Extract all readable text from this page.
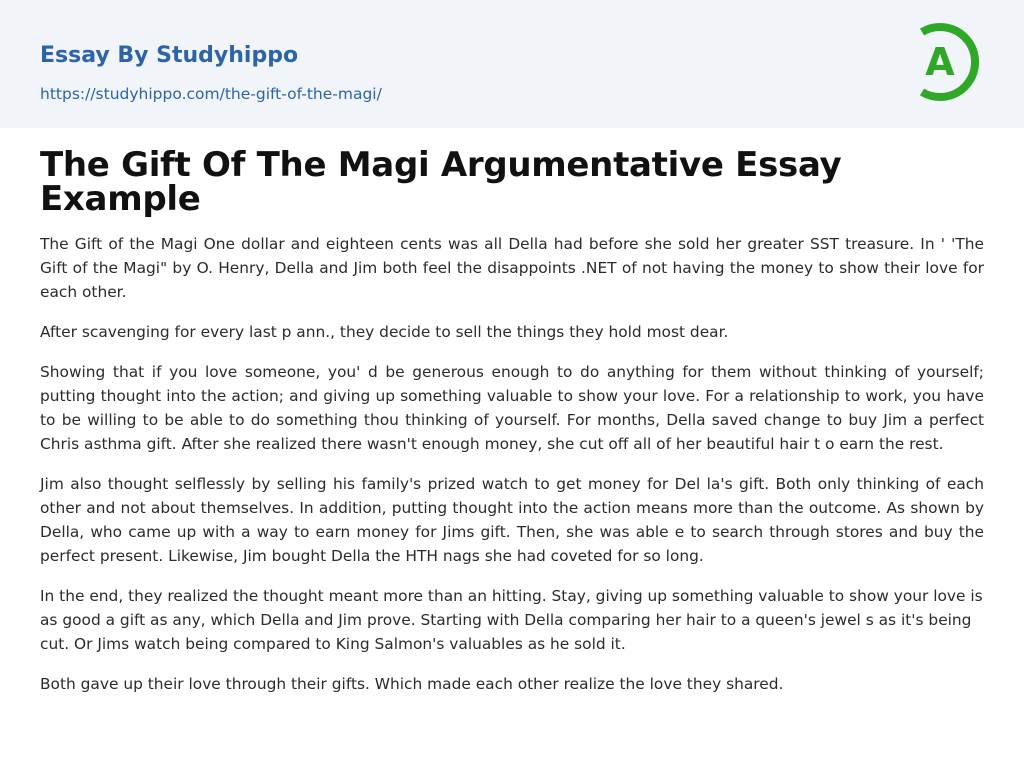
Essay By Studyhippo
https://studyhippo.com/the-gift-of-the-magi/
A
The Gift Of The Magi Argumentative Essay Example

The Gift of the Magi One dollar and eighteen cents was all Della had before she sold her greater SST treasure. In ' 'The Gift of the Magi" by O. Henry, Della and Jim both feel the disappoints .NET of not having the money to show their love for each other.

After scavenging for every last p ann., they decide to sell the things they hold most dear.

Showing that if you love someone, you' d be generous enough to do anything for them without thinking of yourself; putting thought into the action; and giving up something valuable to show your love. For a relationship to work, you have to be willing to be able to do something thou thinking of yourself. For months, Della saved change to buy Jim a perfect Chris asthma gift. After she realized there wasn't enough money, she cut off all of her beautiful hair t o earn the rest.

Jim also thought selflessly by selling his family's prized watch to get money for Del la's gift. Both only thinking of each other and not about themselves. In addition, putting thought into the action means more than the outcome. As shown by Della, who came up with a way to earn money for Jims gift. Then, she was able e to search through stores and buy the perfect present. Likewise, Jim bought Della the HTH nags she had coveted for so long.

In the end, they realized the thought meant more than an hitting. Stay, giving up something valuable to show your love is as good a gift as any, which Della and Jim prove. Starting with Della comparing her hair to a queen's jewel s as it's being cut. Or Jims watch being compared to King Salmon's valuables as he sold it.

Both gave up their love through their gifts. Which made each other realize the love they shared.
